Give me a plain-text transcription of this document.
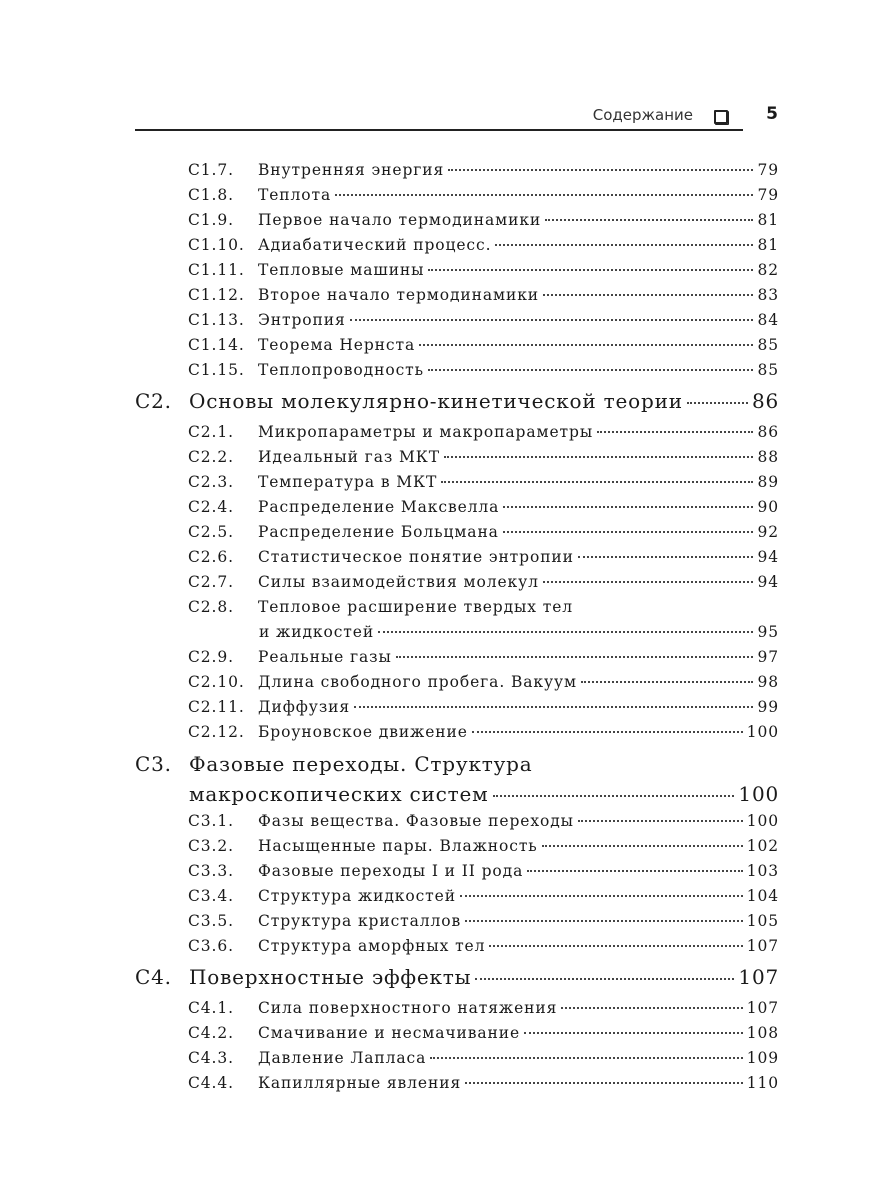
Содержание	5
С1.7.	Внутренняя энергия	79
С1.8.	Теплота	79
С1.9.	Первое начало термодинамики	81
С1.10. Адиабатический процесс.	81
С1.11. Тепловые машины	82
С1.12. Второе начало термодинамики	83
С1.13. Энтропия	84
С1.14. Теорема Нернста	85
С1.15. Теплопроводность	85
С2. Основы молекулярно-кинетической теории	86
С2.1.	Микропараметры и макропараметры	86
С2.2.	Идеальный газ МКТ	88
С2.3.	Температура в МКТ	89
С2.4.	Распределение Максвелла	90
С2.5.	Распределение Больцмана	92
С2.6.	Статистическое понятие энтропии	94
С2.7.	Силы взаимодействия молекул	94
С2.8.	Тепловое расширение твердых тел
и жидкостей	95
С2.9.	Реальные газы	97
С2.10. Длина свободного пробега. Вакуум	98
С2.11. Диффузия	99
С2.12. Броуновское движение	100
С3. Фазовые переходы. Структура
макроскопических систем	100
С3.1.	Фазы вещества. Фазовые переходы	100
С3.2.	Насыщенные пары. Влажность	102
С3.3.	Фазовые переходы I и II рода	103
С3.4.	Структура жидкостей	104
С3.5.	Структура кристаллов	105
С3.6.	Структура аморфных тел	107
С4. Поверхностные эффекты	107
С4.1.	Сила поверхностного натяжения	107
С4.2.	Смачивание и несмачивание	108
С4.3.	Давление Лапласа	109
С4.4.	Капиллярные явления	110
